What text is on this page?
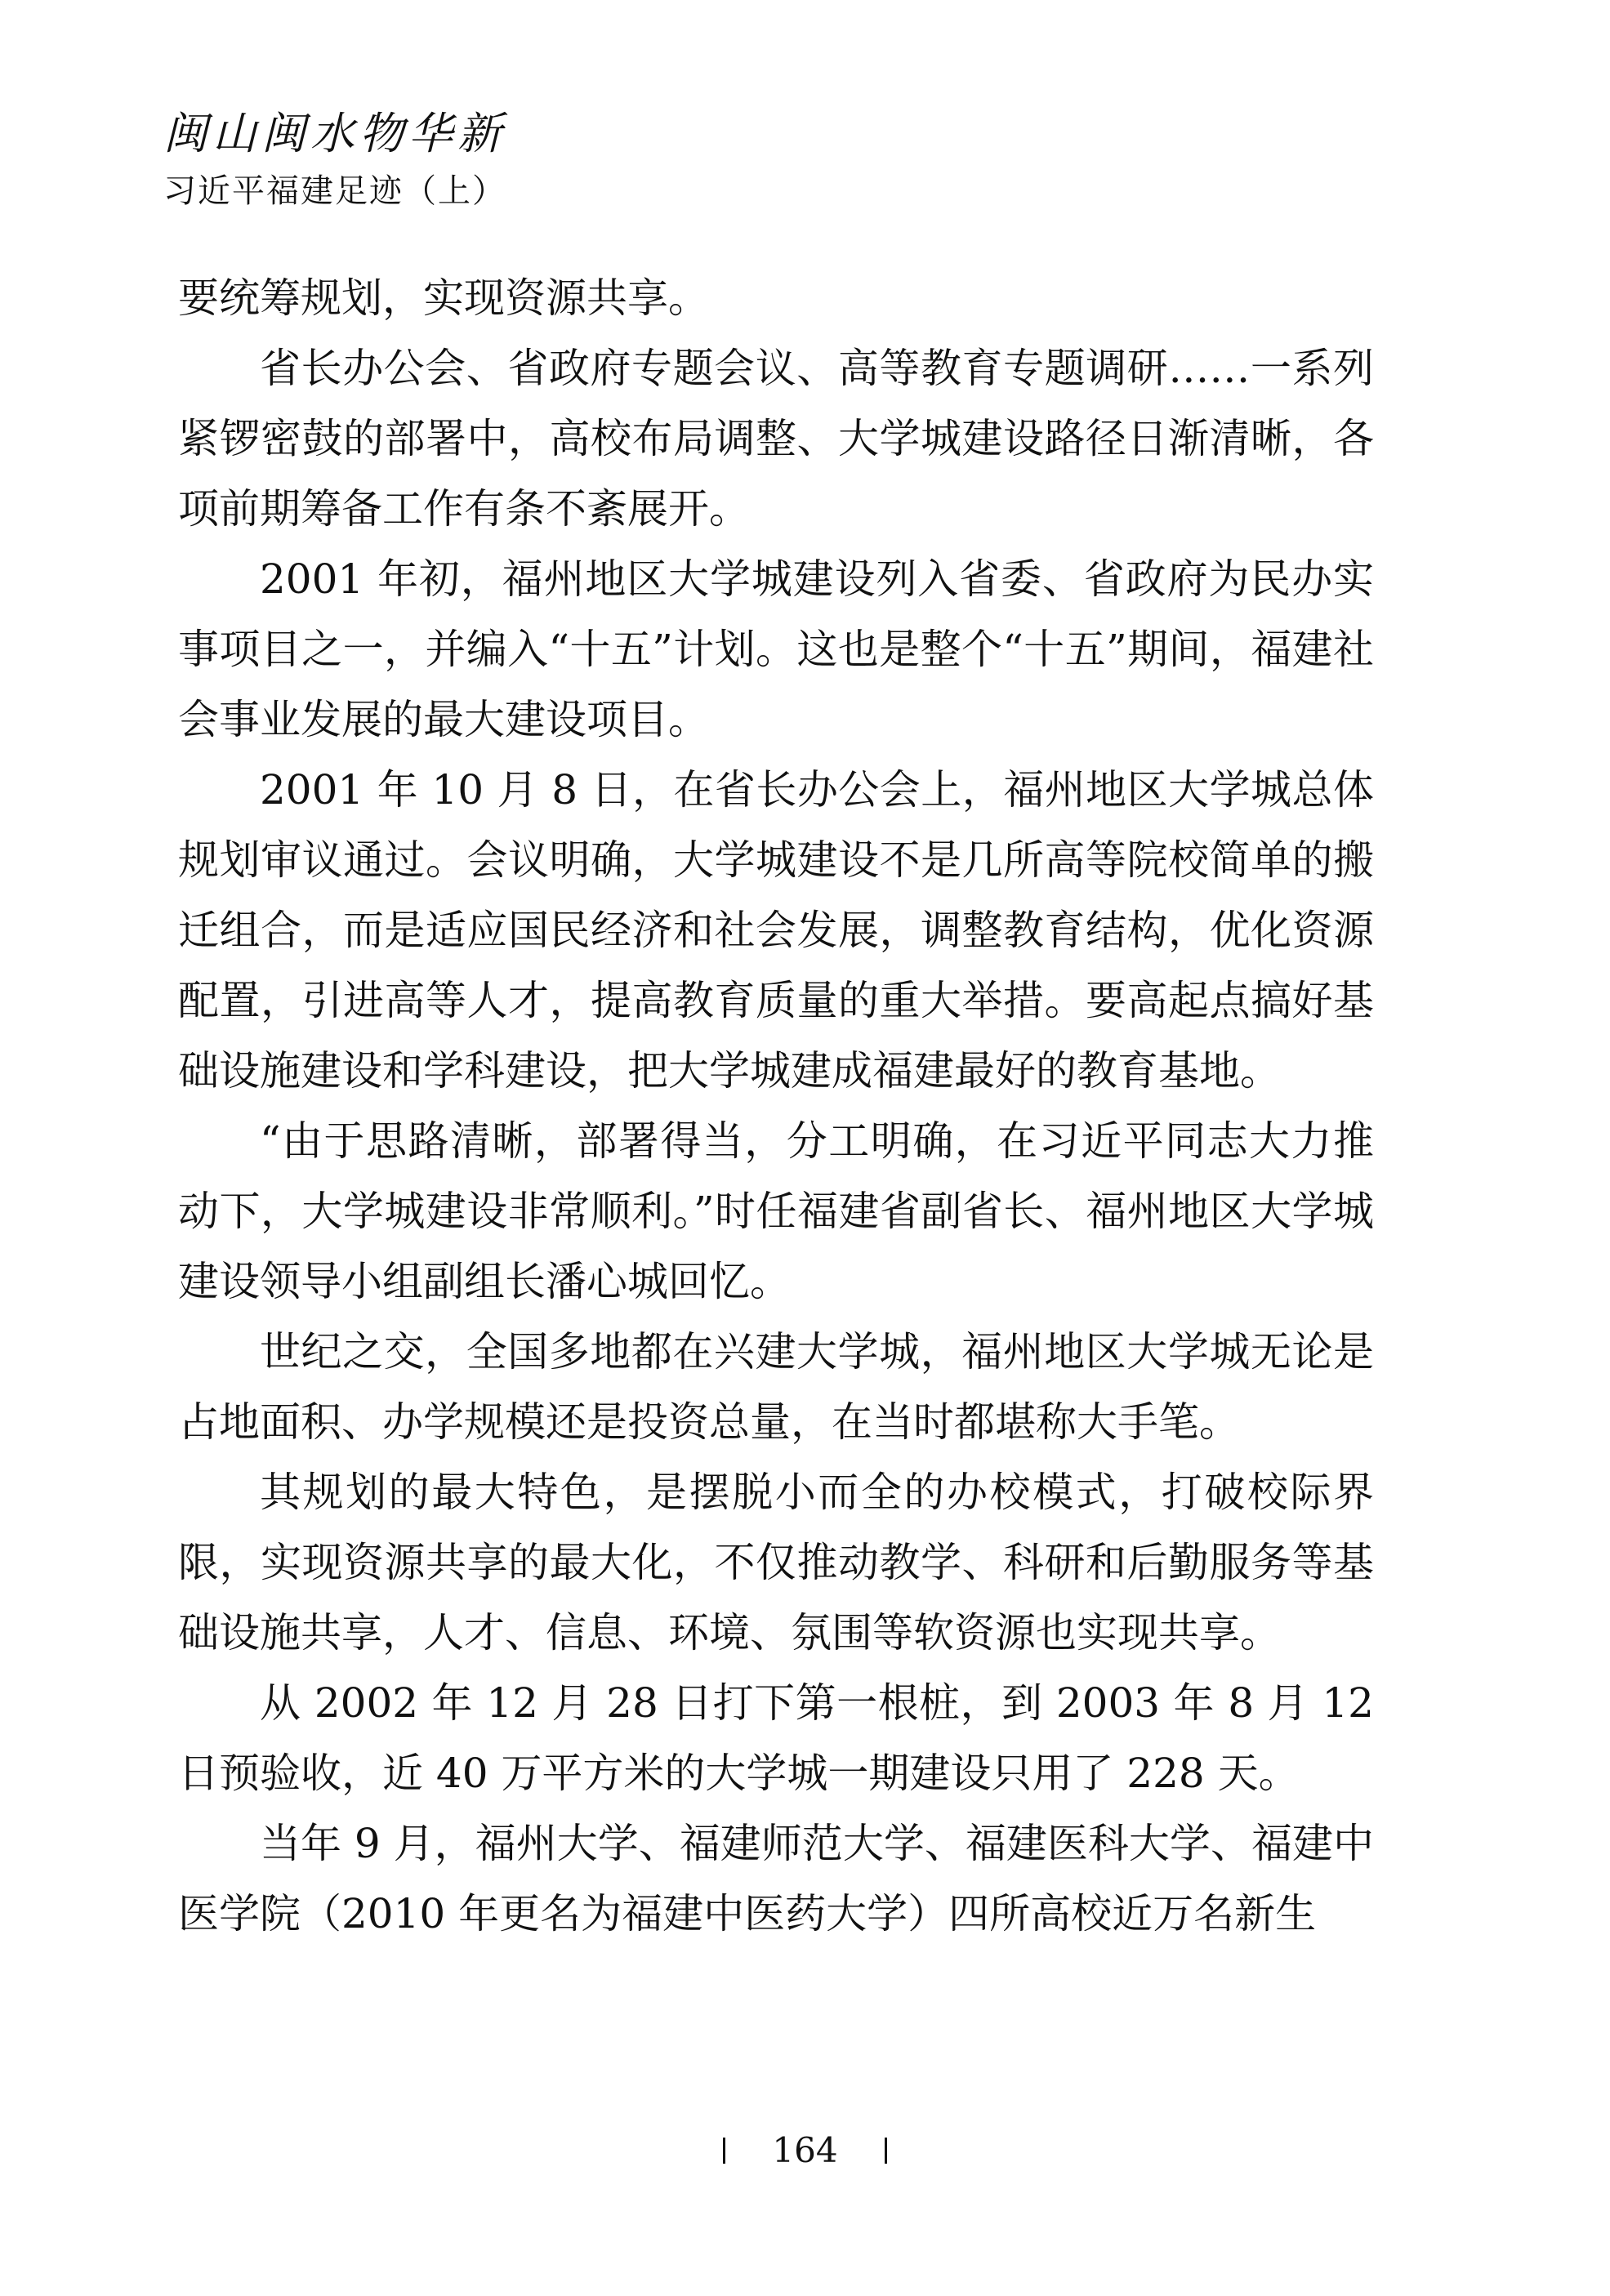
闽山闽水物华新
习近平福建足迹（上）

要统筹规划，实现资源共享。

省长办公会、省政府专题会议、高等教育专题调研……一系列紧锣密鼓的部署中，高校布局调整、大学城建设路径日渐清晰，各项前期筹备工作有条不紊展开。

2001 年初，福州地区大学城建设列入省委、省政府为民办实事项目之一，并编入“十五”计划。这也是整个“十五”期间，福建社会事业发展的最大建设项目。

2001 年 10 月 8 日，在省长办公会上，福州地区大学城总体规划审议通过。会议明确，大学城建设不是几所高等院校简单的搬迁组合，而是适应国民经济和社会发展，调整教育结构，优化资源配置，引进高等人才，提高教育质量的重大举措。要高起点搞好基础设施建设和学科建设，把大学城建成福建最好的教育基地。

“由于思路清晰，部署得当，分工明确，在习近平同志大力推动下，大学城建设非常顺利。”时任福建省副省长、福州地区大学城建设领导小组副组长潘心城回忆。

世纪之交，全国多地都在兴建大学城，福州地区大学城无论是占地面积、办学规模还是投资总量，在当时都堪称大手笔。

其规划的最大特色，是摆脱小而全的办校模式，打破校际界限，实现资源共享的最大化，不仅推动教学、科研和后勤服务等基础设施共享，人才、信息、环境、氛围等软资源也实现共享。

从 2002 年 12 月 28 日打下第一根桩，到 2003 年 8 月 12 日预验收，近 40 万平方米的大学城一期建设只用了 228 天。

当年 9 月，福州大学、福建师范大学、福建医科大学、福建中医学院（2010 年更名为福建中医药大学）四所高校近万名新生

164
